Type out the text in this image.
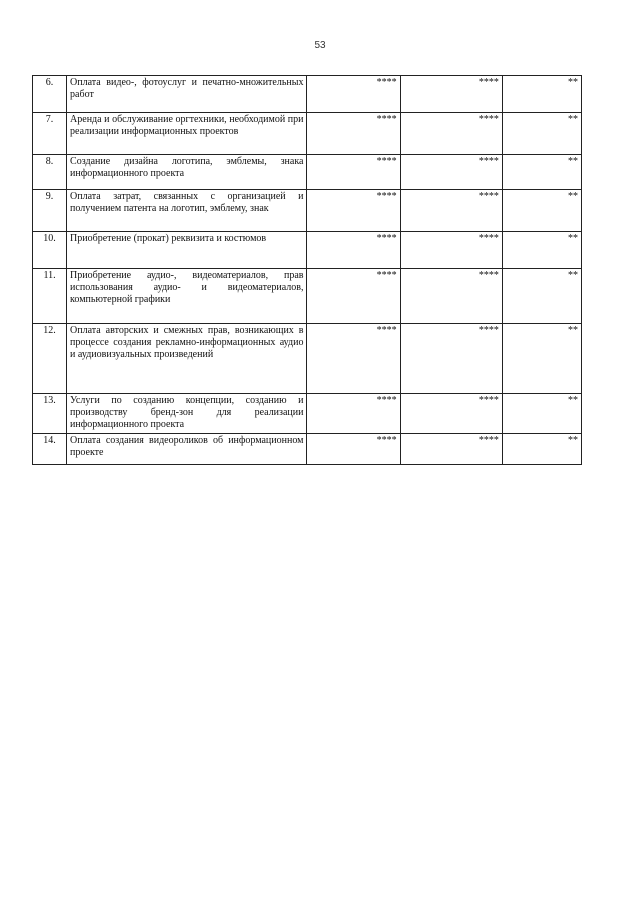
53
6.	Оплата видео-, фотоуслуг и печатно-множительных работ	****	****	**
7.	Аренда и обслуживание оргтехники, необходимой при реализации информационных проектов	****	****	**
8.	Создание дизайна логотипа, эмблемы, знака информационного проекта	****	****	**
9.	Оплата затрат, связанных с организацией и получением патента на логотип, эмблему, знак	****	****	**
10.	Приобретение (прокат) реквизита и костюмов	****	****	**
11.	Приобретение аудио-, видеоматериалов, прав использования аудио- и видеоматериалов, компьютерной графики	****	****	**
12.	Оплата авторских и смежных прав, возникающих в процессе создания рекламно-информационных аудио и аудиовизуальных произведений	****	****	**
13.	Услуги по созданию концепции, созданию и производству бренд-зон для реализации информационного проекта	****	****	**
14.	Оплата создания видеороликов об информационном проекте	****	****	**
